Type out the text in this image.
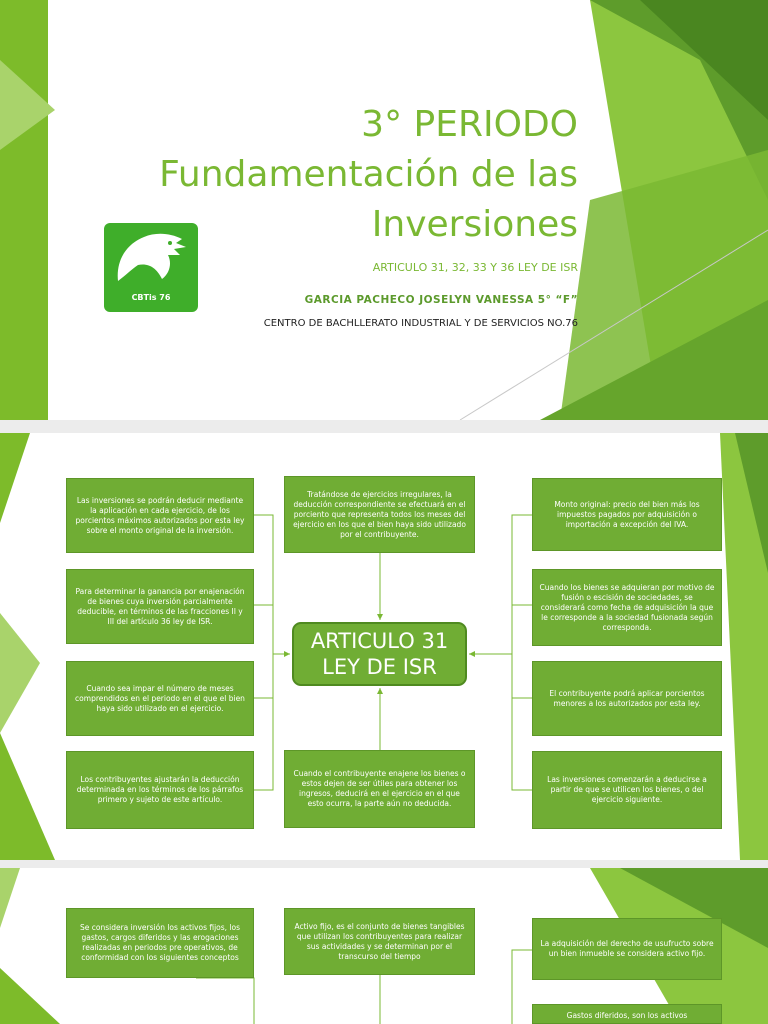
3° PERIODO
Fundamentación de las
Inversiones
ARTICULO 31, 32, 33 Y 36 LEY DE ISR
GARCIA PACHECO JOSELYN VANESSA 5° “F”
CENTRO DE BACHLLERATO INDUSTRIAL Y DE SERVICIOS NO.76
CBTis 76
Las inversiones se podrán deducir mediante la aplicación en cada ejercicio, de los porcientos máximos autorizados por esta ley sobre el monto original de la inversión.
Para determinar la ganancia por enajenación de bienes cuya inversión parcialmente deducible, en términos de las fracciones II y III del artículo 36 ley de ISR.
Cuando sea impar el número de meses comprendidos en el periodo en el que el bien haya sido utilizado en el ejercicio.
Los contribuyentes ajustarán la deducción determinada en los términos de los párrafos primero y sujeto de este artículo.
Tratándose de ejercicios irregulares, la deducción correspondiente se efectuará en el porciento que representa todos los meses del ejercicio en los que el bien haya sido utilizado por el contribuyente.
ARTICULO 31 LEY DE ISR
Cuando el contribuyente enajene los bienes o estos dejen de ser útiles para obtener los ingresos, deducirá en el ejercicio en el que esto ocurra, la parte aún no deducida.
Monto original: precio del bien más los impuestos pagados por adquisición o importación a excepción del IVA.
Cuando los bienes se adquieran por motivo de fusión o escisión de sociedades, se considerará como fecha de adquisición la que le corresponde a la sociedad fusionada según corresponda.
El contribuyente podrá aplicar porcientos menores a los autorizados por esta ley.
Las inversiones comenzarán a deducirse a partir de que se utilicen los bienes, o del ejercicio siguiente.
Se considera inversión los activos fijos, los gastos, cargos diferidos y las erogaciones realizadas en periodos pre operativos, de conformidad con los siguientes conceptos
Activo fijo, es el conjunto de bienes tangibles que utilizan los contribuyentes para realizar sus actividades y se determinan por el transcurso del tiempo
La adquisición del derecho de usufructo sobre un bien inmueble se considera activo fijo.
Gastos diferidos, son los activos
